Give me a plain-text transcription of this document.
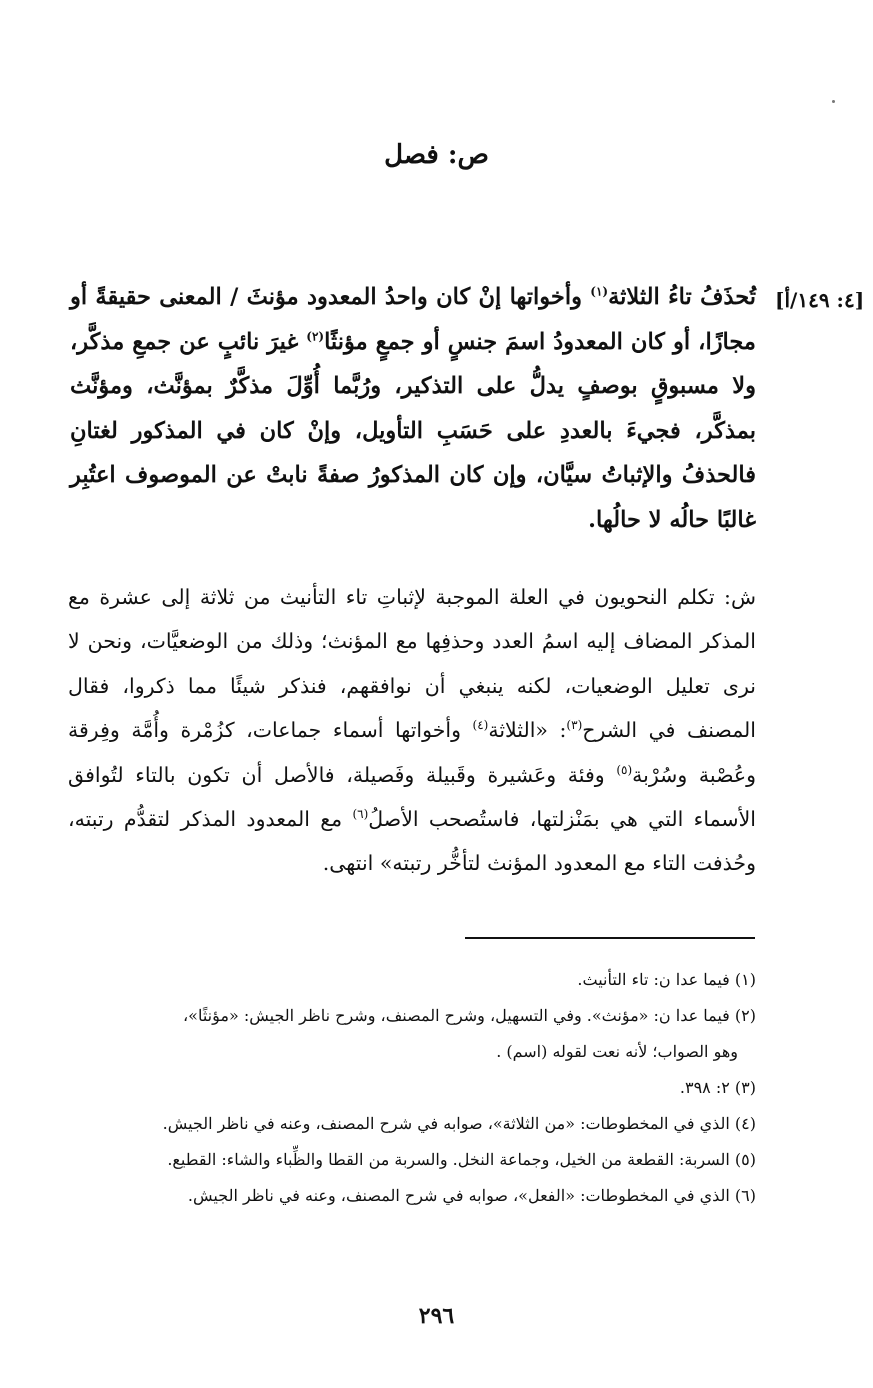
ص: فصل
[٤: ١٤٩/أ]
تُحذَفُ تاءُ الثلاثة$^{(١)}$ وأخواتها إنْ كان واحدُ المعدود مؤنثَ / المعنى حقيقةً أو مجازًا، أو كان المعدودُ اسمَ جنسٍ أو جمعٍ مؤنثًا$^{(٢)}$ غيرَ نائبٍ عن جمعِ مذكَّر، ولا مسبوقٍ بوصفٍ يدلُّ على التذكير، ورُبَّما أُوِّلَ مذكَّرٌ بمؤنَّث، ومؤنَّث بمذكَّر، فجيءَ بالعددِ على حَسَبِ التأويل، وإنْ كان في المذكور لغتانِ فالحذفُ والإثباتُ سيَّان، وإن كان المذكورُ صفةً نابتْ عن الموصوف اعتُبِر غالبًا حالُه لا حالُها.
ش: تكلم النحويون في العلة الموجبة لإثباتِ تاء التأنيث من ثلاثة إلى عشرة مع المذكر المضاف إليه اسمُ العدد وحذفِها مع المؤنث؛ وذلك من الوضعيَّات، ونحن لا نرى تعليل الوضعيات، لكنه ينبغي أن نوافقهم، فنذكر شيئًا مما ذكروا، فقال المصنف في الشرح$^{(٣)}$: «الثلاثة$^{(٤)}$ وأخواتها أسماء جماعات، كزُمْرة وأُمَّة وفِرقة وعُصْبة وسُرْبة$^{(٥)}$ وفئة وعَشيرة وقَبيلة وفَصيلة، فالأصل أن تكون بالتاء لتُوافق الأسماء التي هي بمَنْزلتها، فاستُصحب الأصلُ$^{(٦)}$ مع المعدود المذكر لتقدُّم رتبته، وحُذفت التاء مع المعدود المؤنث لتأخُّر رتبته» انتهى.
(١) فيما عدا ن: تاء التأنيث.
(٢) فيما عدا ن: «مؤنث». وفي التسهيل، وشرح المصنف، وشرح ناظر الجيش: «مؤنثًا»،
وهو الصواب؛ لأنه نعت لقوله (اسم) .
(٣) ٢: ٣٩٨.
(٤) الذي في المخطوطات: «من الثلاثة»، صوابه في شرح المصنف، وعنه في ناظر الجيش.
(٥) السربة: القطعة من الخيل، وجماعة النخل. والسربة من القطا والظِّباء والشاء: القطيع.
(٦) الذي في المخطوطات: «الفعل»، صوابه في شرح المصنف، وعنه في ناظر الجيش.
٢٩٦
